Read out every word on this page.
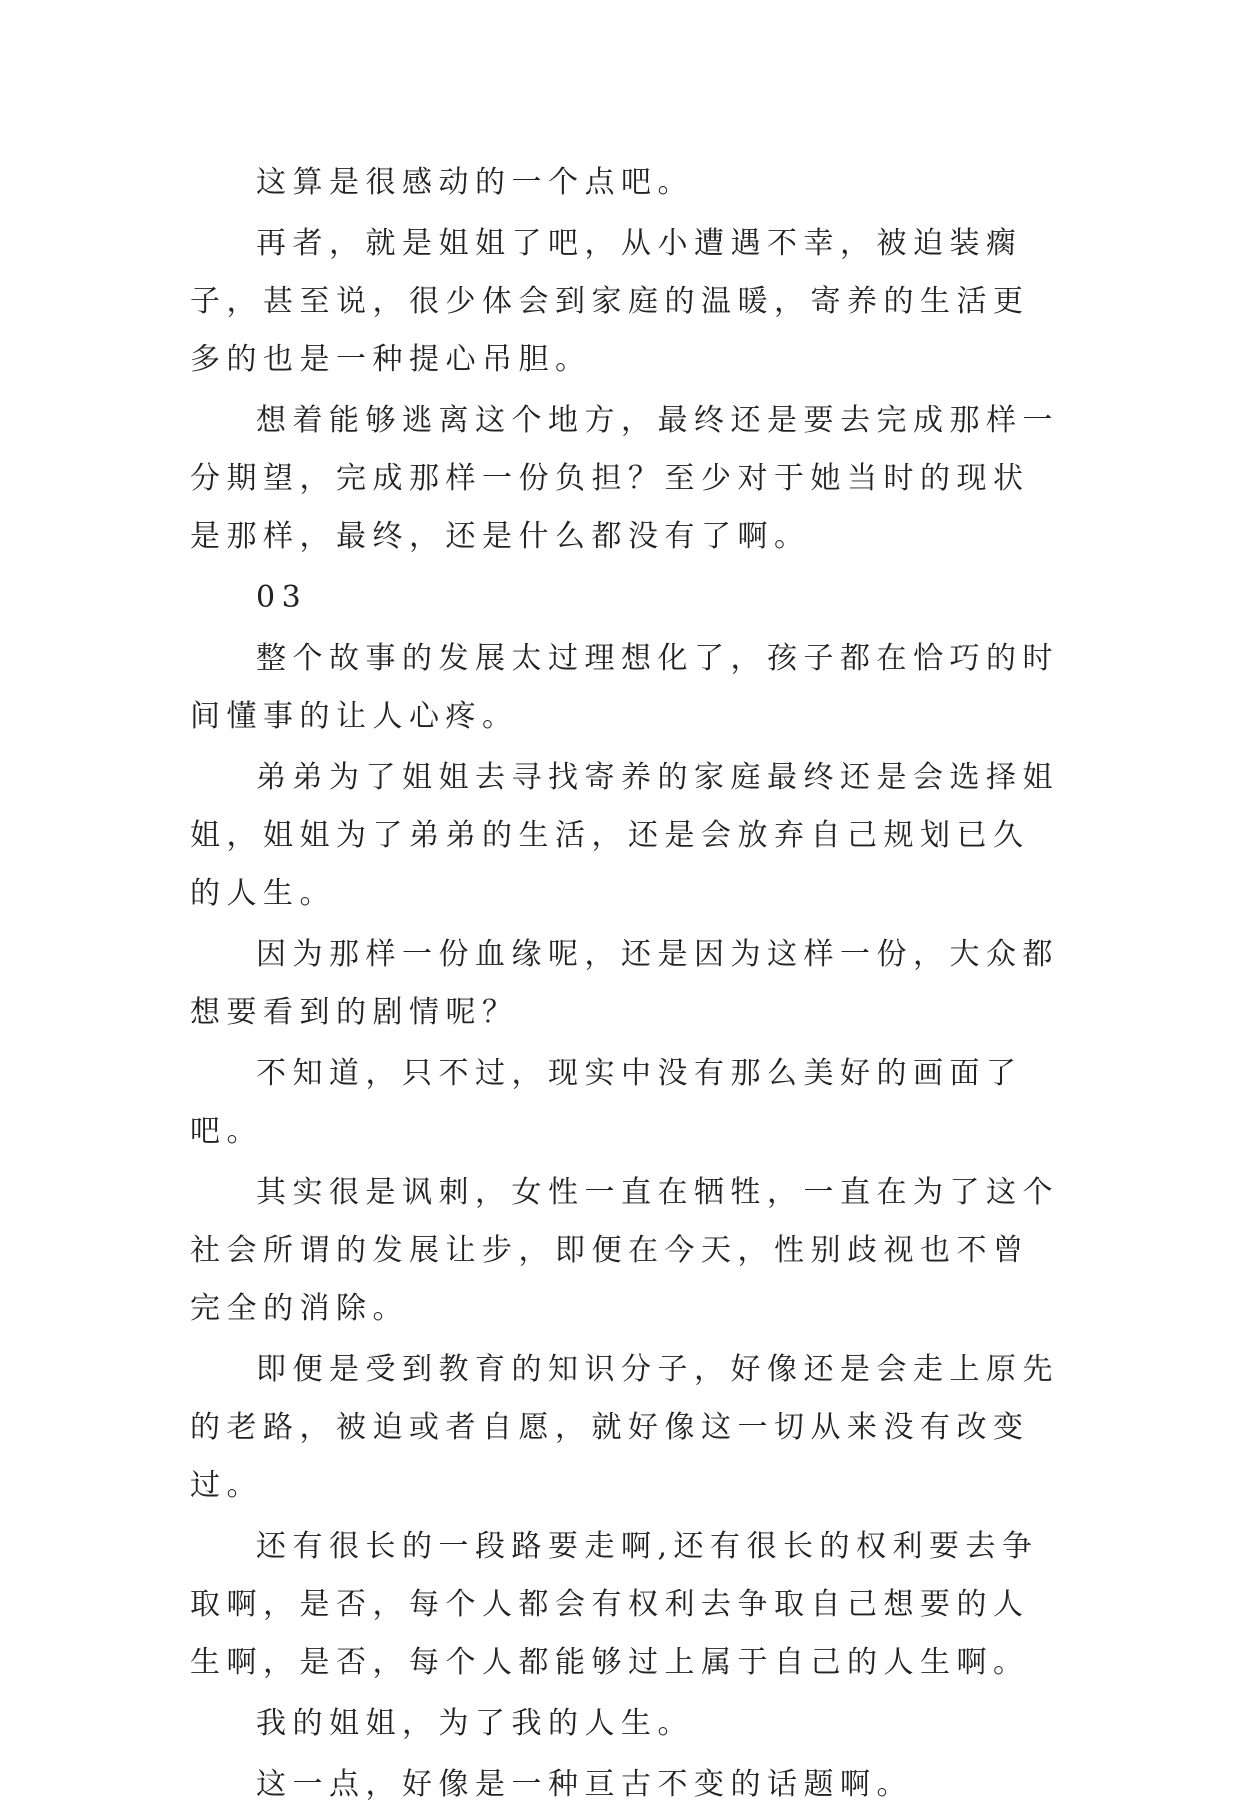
这算是很感动的一个点吧。

再者，就是姐姐了吧，从小遭遇不幸，被迫装瘸子，甚至说，很少体会到家庭的温暖，寄养的生活更多的也是一种提心吊胆。

想着能够逃离这个地方，最终还是要去完成那样一分期望，完成那样一份负担？至少对于她当时的现状是那样，最终，还是什么都没有了啊。

03

整个故事的发展太过理想化了，孩子都在恰巧的时间懂事的让人心疼。

弟弟为了姐姐去寻找寄养的家庭最终还是会选择姐姐，姐姐为了弟弟的生活，还是会放弃自己规划已久的人生。

因为那样一份血缘呢，还是因为这样一份，大众都想要看到的剧情呢？

不知道，只不过，现实中没有那么美好的画面了吧。

其实很是讽刺，女性一直在牺牲，一直在为了这个社会所谓的发展让步，即便在今天，性别歧视也不曾完全的消除。

即便是受到教育的知识分子，好像还是会走上原先的老路，被迫或者自愿，就好像这一切从来没有改变过。

还有很长的一段路要走啊,还有很长的权利要去争取啊，是否，每个人都会有权利去争取自己想要的人生啊，是否，每个人都能够过上属于自己的人生啊。

我的姐姐，为了我的人生。

这一点，好像是一种亘古不变的话题啊。
